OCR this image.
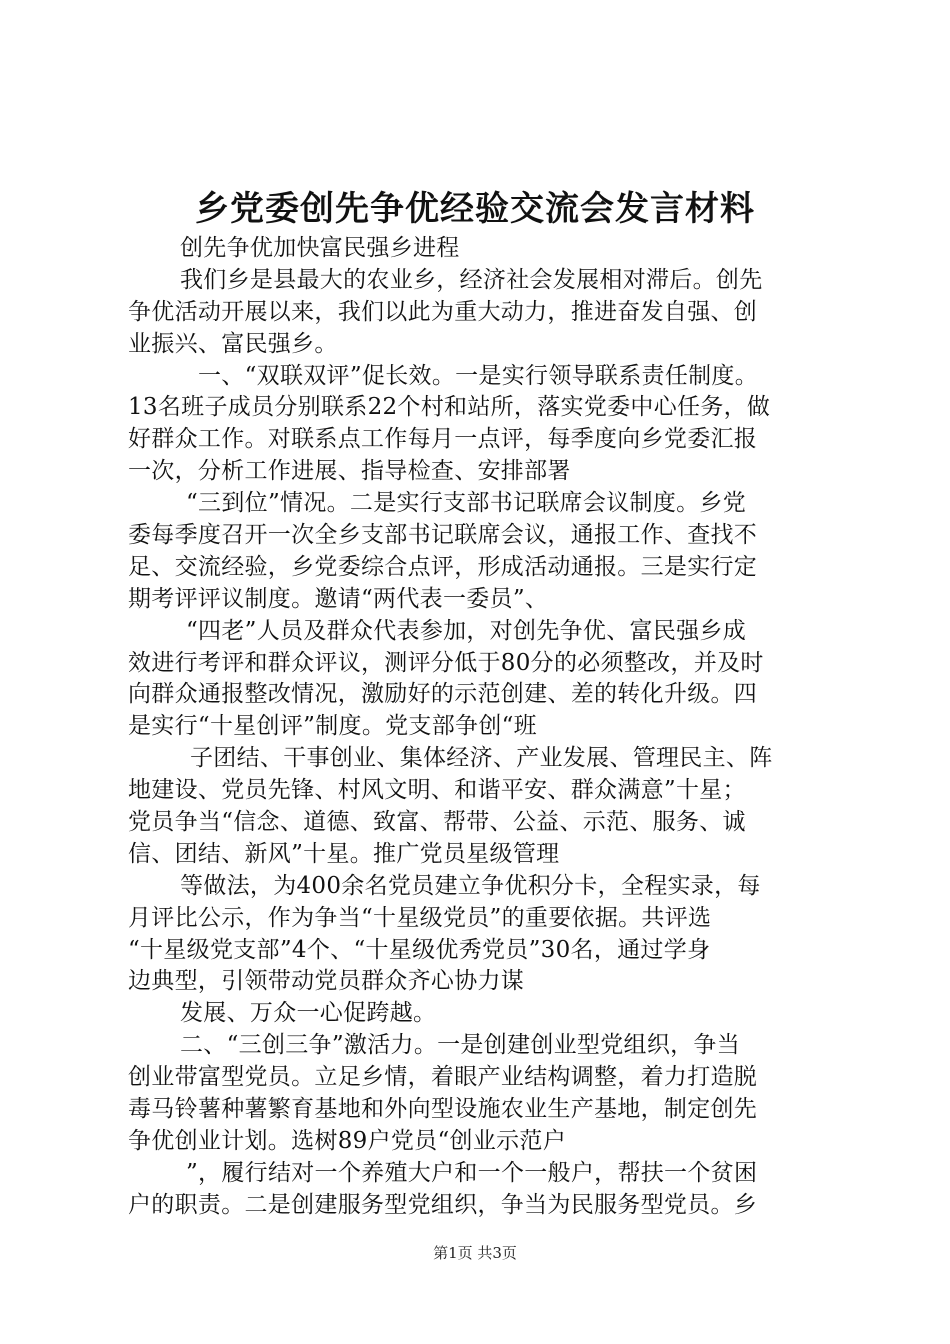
乡党委创先争优经验交流会发言材料
创先争优加快富民强乡进程
我们乡是县最大的农业乡，经济社会发展相对滞后。创先
争优活动开展以来，我们以此为重大动力，推进奋发自强、创
业振兴、富民强乡。
一、“双联双评”促长效。一是实行领导联系责任制度。
13名班子成员分别联系22个村和站所，落实党委中心任务，做
好群众工作。对联系点工作每月一点评，每季度向乡党委汇报
一次，分析工作进展、指导检查、安排部署
“三到位”情况。二是实行支部书记联席会议制度。乡党
委每季度召开一次全乡支部书记联席会议，通报工作、查找不
足、交流经验，乡党委综合点评，形成活动通报。三是实行定
期考评评议制度。邀请“两代表一委员”、
“四老”人员及群众代表参加，对创先争优、富民强乡成
效进行考评和群众评议，测评分低于80分的必须整改，并及时
向群众通报整改情况，激励好的示范创建、差的转化升级。四
是实行“十星创评”制度。党支部争创“班
子团结、干事创业、集体经济、产业发展、管理民主、阵
地建设、党员先锋、村风文明、和谐平安、群众满意”十星；
党员争当“信念、道德、致富、帮带、公益、示范、服务、诚
信、团结、新风”十星。推广党员星级管理
等做法，为400余名党员建立争优积分卡，全程实录，每
月评比公示，作为争当“十星级党员”的重要依据。共评选
“十星级党支部”4个、“十星级优秀党员”30名，通过学身
边典型，引领带动党员群众齐心协力谋
发展、万众一心促跨越。
二、“三创三争”激活力。一是创建创业型党组织，争当
创业带富型党员。立足乡情，着眼产业结构调整，着力打造脱
毒马铃薯种薯繁育基地和外向型设施农业生产基地，制定创先
争优创业计划。选树89户党员“创业示范户
”，履行结对一个养殖大户和一个一般户，帮扶一个贫困
户的职责。二是创建服务型党组织，争当为民服务型党员。乡
第1页 共3页
